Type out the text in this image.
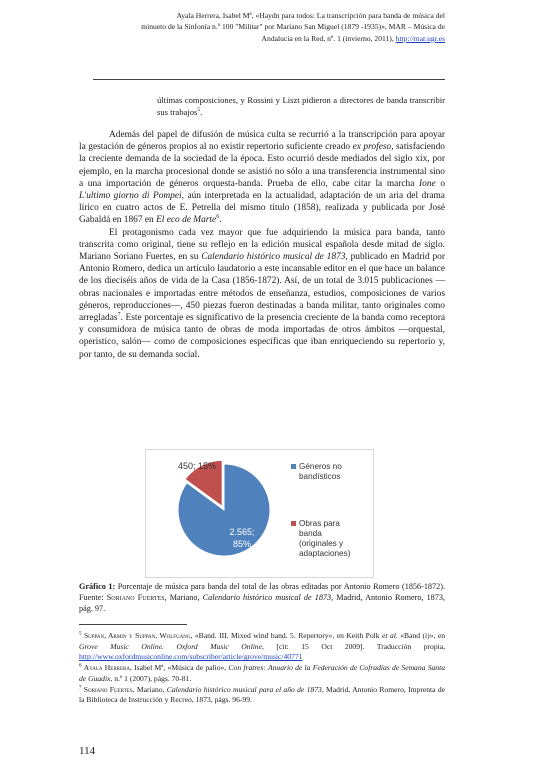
Ayala Herrera, Isabel Mª, «Haydn para todos: La transcripción para banda de música del
minueto de la Sinfonía n.º 100 "Militar" por Mariano San Miguel (1879 -1935)», MAR – Música de
Andalucía en la Red, nº. 1 (invierno, 2011), http://mar.ugr.es
últimas composiciones, y Rossini y Liszt pidieron a directores de banda transcribir sus trabajos$^5$.

Además del papel de difusión de música culta se recurrió a la transcripción para apoyar la gestación de géneros propios al no existir repertorio suficiente creado ex profeso, satisfaciendo la creciente demanda de la sociedad de la época. Esto ocurrió desde mediados del siglo xix, por ejemplo, en la marcha procesional donde se asistió no sólo a una transferencia instrumental sino a una importación de géneros orquesta-banda. Prueba de ello, cabe citar la marcha Ione o L'ultimo giorno di Pompei, aún interpretada en la actualidad, adaptación de un aria del drama lírico en cuatro actos de E. Petrella del mismo título (1858), realizada y publicada por José Gabaldá en 1867 en El eco de Marte$^6$.

El protagonismo cada vez mayor que fue adquiriendo la música para banda, tanto transcrita como original, tiene su reflejo en la edición musical española desde mitad de siglo. Mariano Soriano Fuertes, en su Calendario histórico musical de 1873, publicado en Madrid por Antonio Romero, dedica un artículo laudatorio a este incansable editor en el que hace un balance de los dieciséis años de vida de la Casa (1856-1872). Así, de un total de 3.015 publicaciones —obras nacionales e importadas entre métodos de enseñanza, estudios, composiciones de varios géneros, reproducciones—, 450 piezas fueron destinadas a banda militar, tanto originales como arregladas$^7$. Este porcentaje es significativo de la presencia creciente de la banda como receptora y consumidora de música tanto de obras de moda importadas de otros ámbitos —orquestal, operístico, salón— como de composiciones específicas que iban enriqueciendo su repertorio y, por tanto, de su demanda social.

450; 15%
2.565;
85%
Géneros no
bandísticos
Obras para
banda
(originales y
adaptaciones)
Gráfico 1: Porcentaje de música para banda del total de las obras editadas por Antonio Romero (1856-1872). Fuente: Soriano Fuertes, Mariano, Calendario histórico musical de 1873, Madrid, Antonio Romero, 1873, pág. 97.

$^5$ Suppan, Armin y Suppan, Wolfgang, «Band. III. Mixed wind band. 5. Repertory», en Keith Polk et al. «Band (i)», en Grove Music Online. Oxford Music Online, [cit: 15 Oct 2009]. Traducción propia, http://www.oxfordmusiconline.com/subscriber/article/grove/music/40771

$^6$ Ayala Herrera, Isabel Mª, «Música de palio», Con fratres: Anuario de la Federación de Cofradías de Semana Santa de Guadix, n.º 1 (2007), págs. 70-81.

$^7$ Soriano Fuertes, Mariano, Calendario histórico musical para el año de 1873, Madrid, Antonio Romero, Imprenta de la Biblioteca de Instrucción y Recreo, 1873, págs. 96-99.

114
